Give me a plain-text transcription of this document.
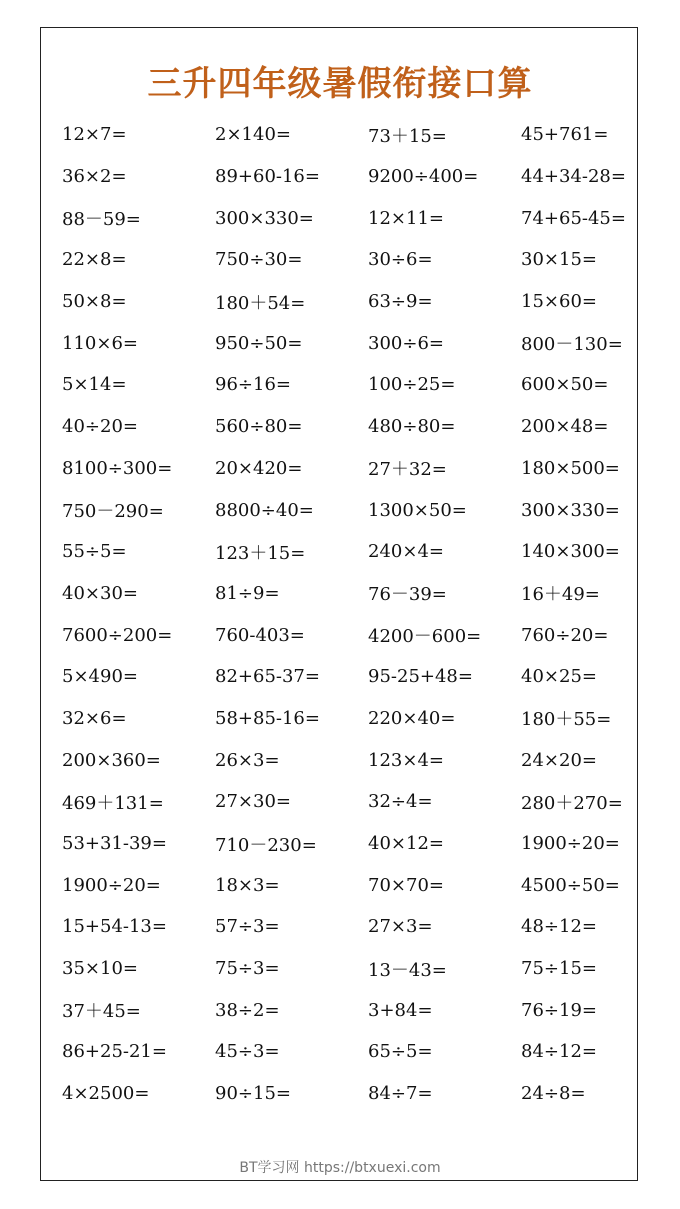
三升四年级暑假衔接口算
12×7=	2×140=	73＋15=	45+761=
36×2=	89+60-16=	9200÷400=	44+34-28=
88－59=	300×330=	12×11=	74+65-45=
22×8=	750÷30=	30÷6=	30×15=
50×8=	180＋54=	63÷9=	15×60=
110×6=	950÷50=	300÷6=	800－130=
5×14=	96÷16=	100÷25=	600×50=
40÷20=	560÷80=	480÷80=	200×48=
8100÷300=	20×420=	27＋32=	180×500=
750－290=	8800÷40=	1300×50=	300×330=
55÷5=	123＋15=	240×4=	140×300=
40×30=	81÷9=	76－39=	16＋49=
7600÷200=	760-403=	4200－600=	760÷20=
5×490=	82+65-37=	95-25+48=	40×25=
32×6=	58+85-16=	220×40=	180＋55=
200×360=	26×3=	123×4=	24×20=
469＋131=	27×30=	32÷4=	280＋270=
53+31-39=	710－230=	40×12=	1900÷20=
1900÷20=	18×3=	70×70=	4500÷50=
15+54-13=	57÷3=	27×3=	48÷12=
35×10=	75÷3=	13－43=	75÷15=
37＋45=	38÷2=	3+84=	76÷19=
86+25-21=	45÷3=	65÷5=	84÷12=
4×2500=	90÷15=	84÷7=	24÷8=
BT学习网 https://btxuexi.com
